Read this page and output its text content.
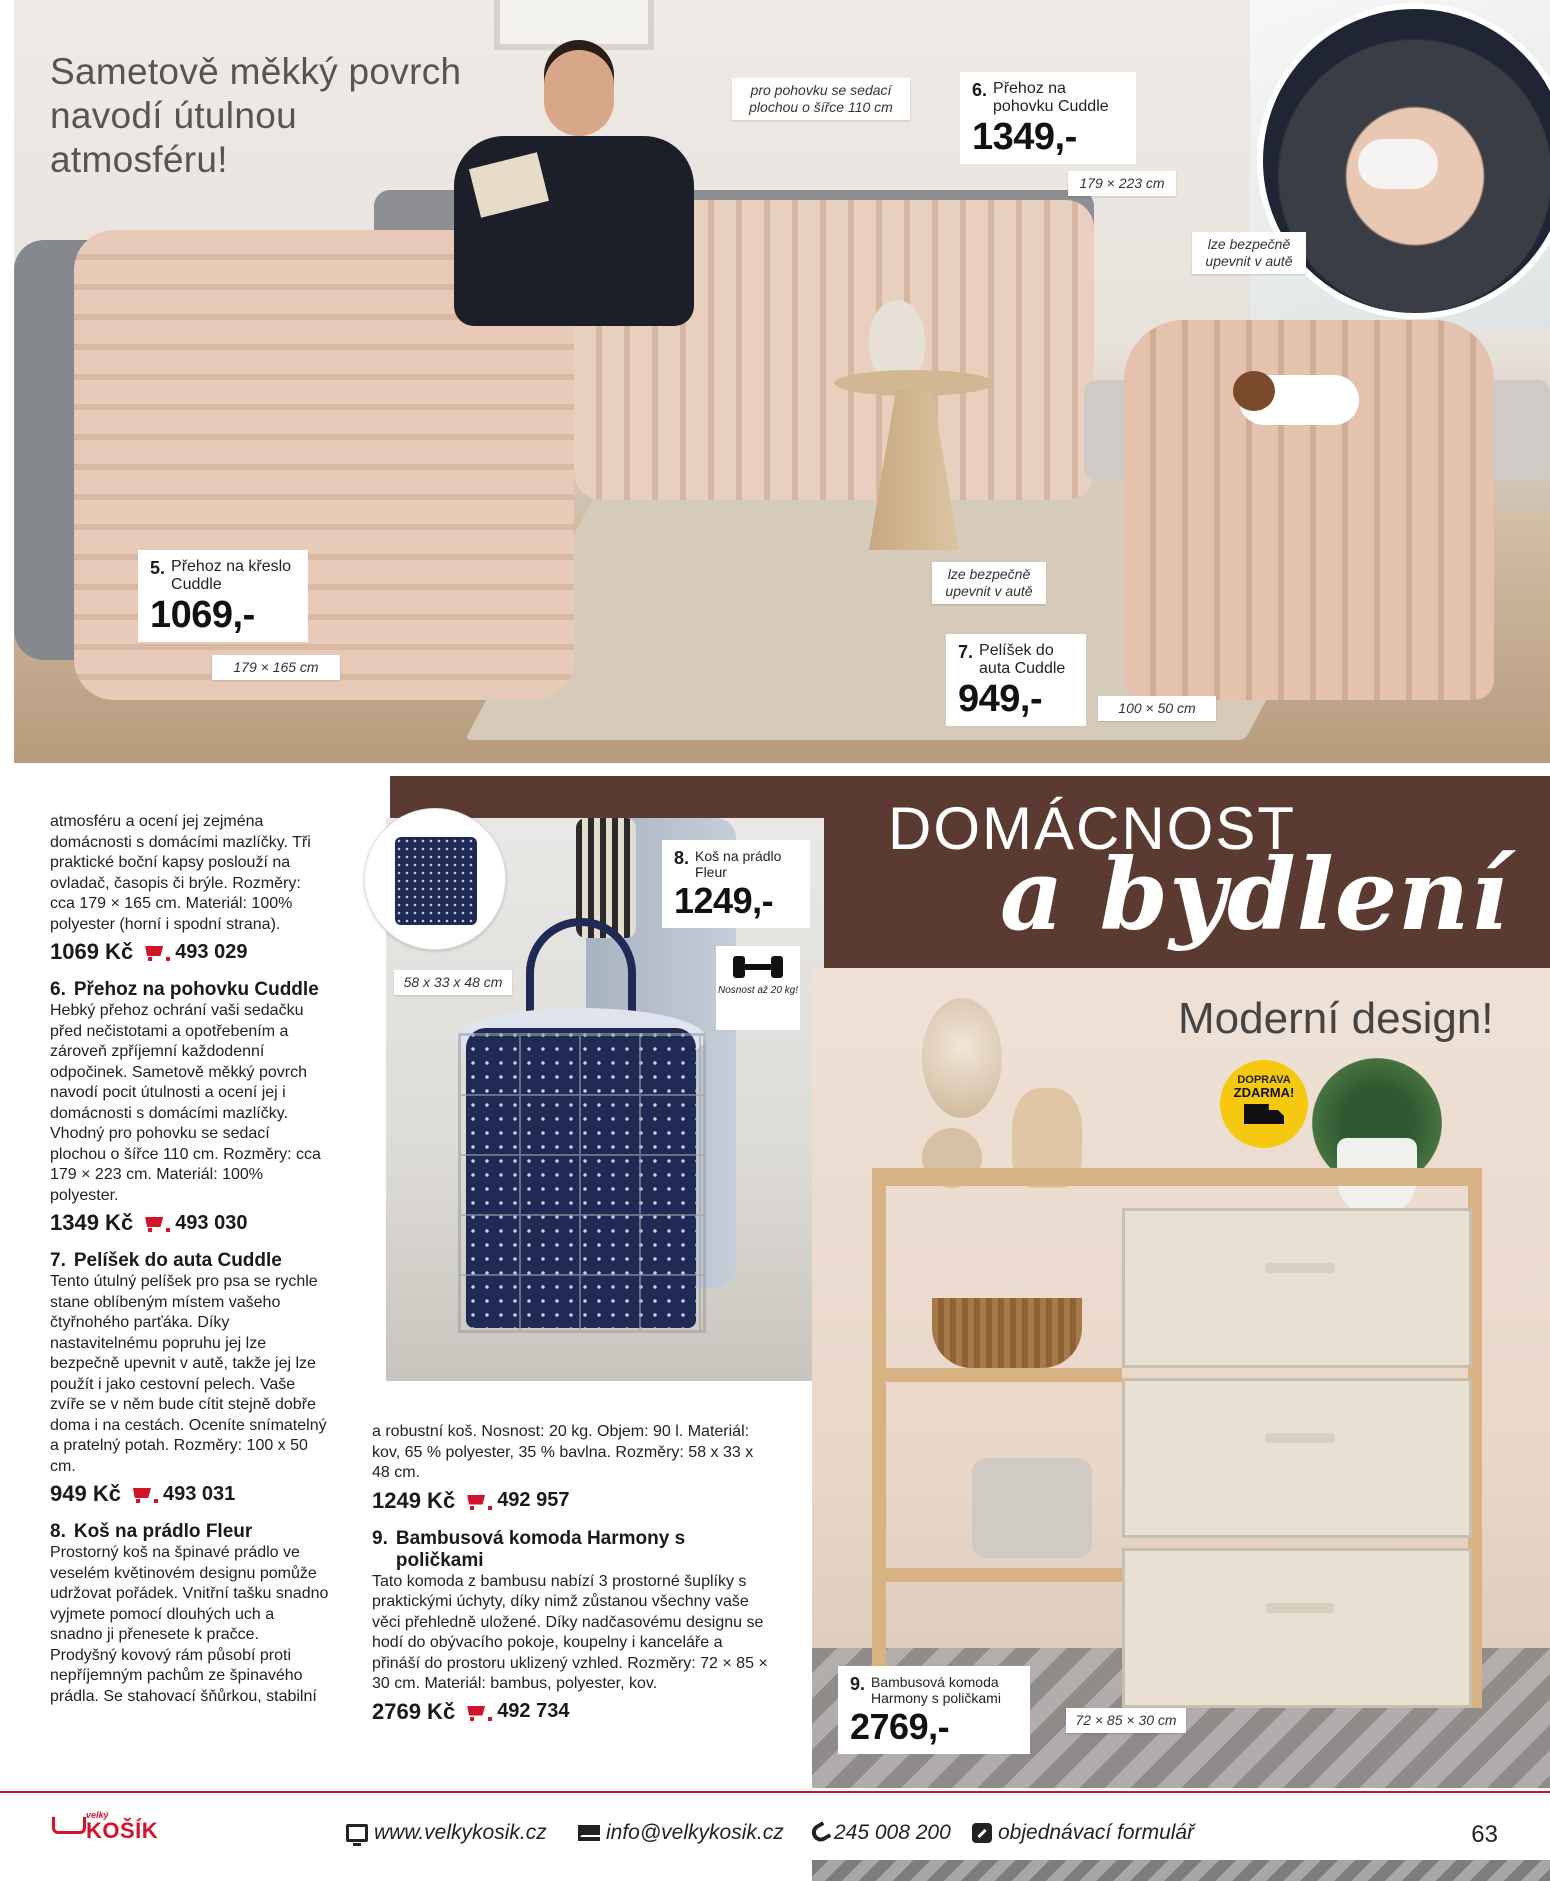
Sametově měkký povrch navodí útulnou atmosféru!
pro pohovku se sedací plochou o šířce 110 cm
179 × 223 cm
lze bezpečně upevnit v autě
lze bezpečně upevnit v autě
179 × 165 cm
100 × 50 cm
5. Přehoz na křeslo Cuddle
1069,-
6. Přehoz na pohovku Cuddle
1349,-
7. Pelíšek do auta Cuddle
949,-
DOMÁCNOST
a bydlení

atmosféru a ocení jej zejména domácnosti s domácími mazlíčky. Tři praktické boční kapsy poslouží na ovladač, časopis či brýle. Rozměry: cca 179 × 165 cm. Materiál: 100% polyester (horní i spodní strana).

1069 Kč 493 029
6. Přehoz na pohovku Cuddle

Hebký přehoz ochrání vaši sedačku před nečistotami a opotřebením a zároveň zpříjemní každodenní odpočinek. Sametově měkký povrch navodí pocit útulnosti a ocení jej i domácnosti s domácími mazlíčky. Vhodný pro pohovku se sedací plochou o šířce 110 cm. Rozměry: cca 179 × 223 cm. Materiál: 100% polyester.

1349 Kč 493 030
7. Pelíšek do auta Cuddle

Tento útulný pelíšek pro psa se rychle stane oblíbeným místem vašeho čtyřnohého parťáka. Díky nastavitelnému popruhu jej lze bezpečně upevnit v autě, takže jej lze použít i jako cestovní pelech. Vaše zvíře se v něm bude cítit stejně dobře doma i na cestách. Oceníte snímatelný a pratelný potah. Rozměry: 100 x 50 cm.

949 Kč 493 031
8. Koš na prádlo Fleur

Prostorný koš na špinavé prádlo ve veselém květinovém designu pomůže udržovat pořádek. Vnitřní tašku snadno vyjmete pomocí dlouhých uch a snadno ji přenesete k pračce. Prodyšný kovový rám působí proti nepříjemným pachům ze špinavého prádla. Se stahovací šňůrkou, stabilní

58 x 33 x 48 cm
8. Koš na prádlo Fleur
1249,-
Nosnost až 20 kg!

a robustní koš. Nosnost: 20 kg. Objem: 90 l. Materiál: kov, 65 % polyester, 35 % bavlna. Rozměry: 58 x 33 x 48 cm.

1249 Kč 492 957
9. Bambusová komoda Harmony s poličkami

Tato komoda z bambusu nabízí 3 prostorné šuplíky s praktickými úchyty, díky nimž zůstanou všechny vaše věci přehledně uložené. Díky nadčasovému designu se hodí do obývacího pokoje, koupelny i kanceláře a přináší do prostoru uklizený vzhled. Rozměry: 72 × 85 × 30 cm. Materiál: bambus, polyester, kov.

2769 Kč 492 734
Moderní design!
DOPRAVA
ZDARMA!
9. Bambusová komoda Harmony s poličkami
2769,-	72 × 85 × 30 cm
velký
KOŠÍK	www.velkykosik.cz	info@velkykosik.cz 245 008 200 objednávací formulář	63
